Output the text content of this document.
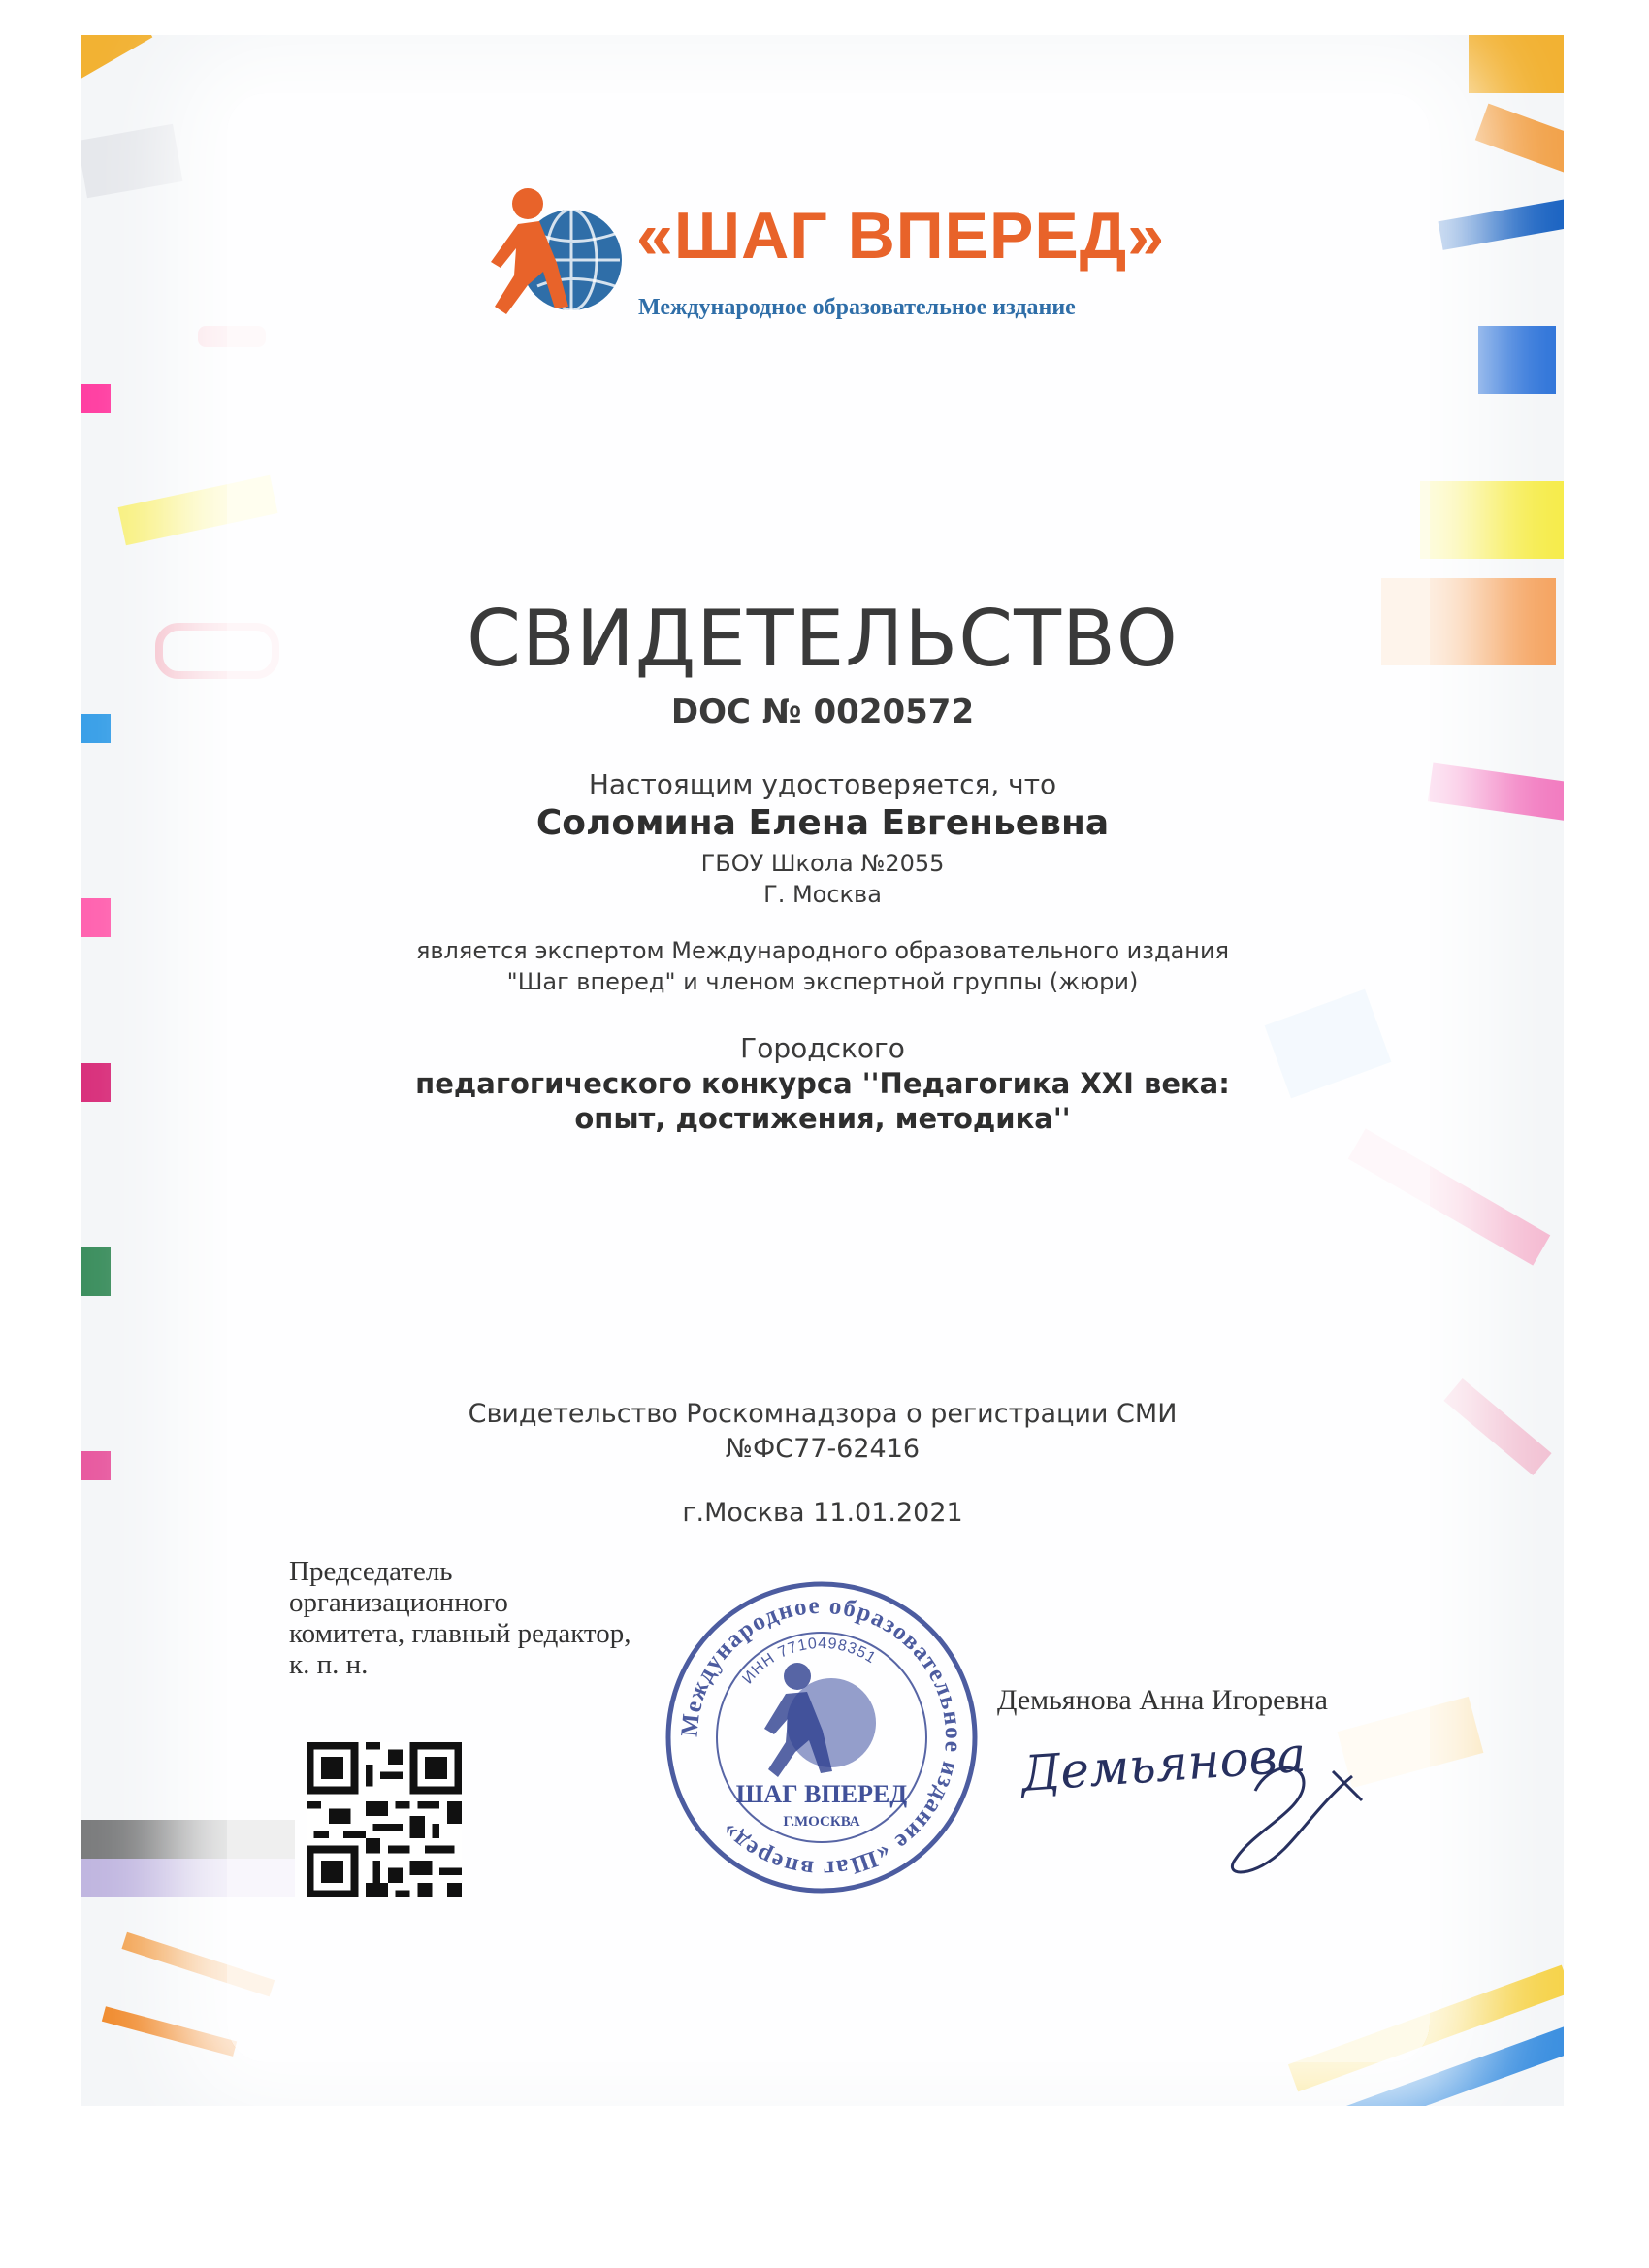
«ШАГ ВПЕРЕД»
Международное образовательное издание
СВИДЕТЕЛЬСТВО
DOC № 0020572
Настоящим удостоверяется, что
Соломина Елена Евгеньевна
ГБОУ Школа №2055
Г. Москва
является экспертом Международного образовательного издания
"Шаг вперед" и членом экспертной группы (жюри)
Городского
педагогического конкурса ''Педагогика XXI века:
опыт, достижения, методика''
Свидетельство Роскомнадзора о регистрации СМИ
№ФС77-62416
г.Москва 11.01.2021
Председатель
организационного
комитета, главный редактор,
к. п. н.
Международное образовательное издание «Шаг вперед»
ИНН 7710498351
ШАГ ВПЕРЕД
Г.МОСКВА
Демьянова Анна Игоревна
Демьянова
